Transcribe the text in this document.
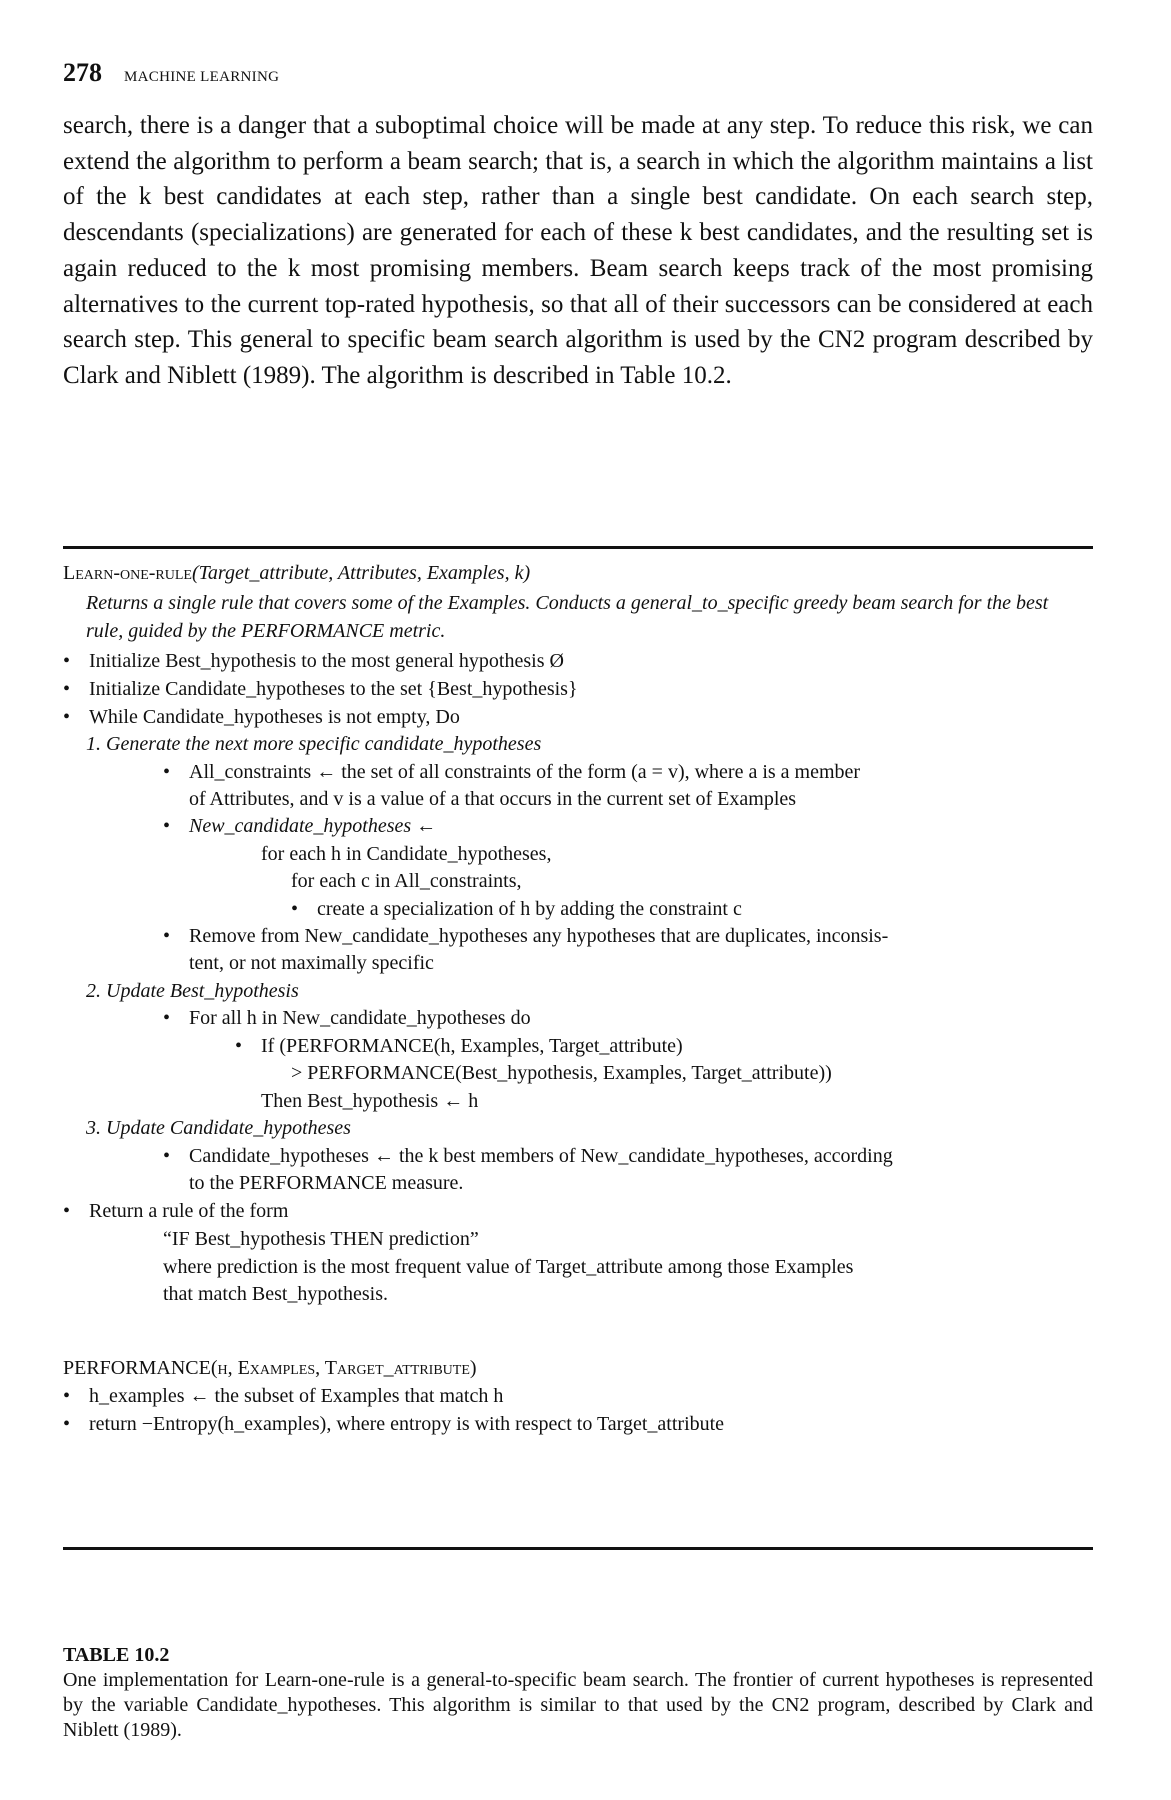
278 MACHINE LEARNING
search, there is a danger that a suboptimal choice will be made at any step. To reduce this risk, we can extend the algorithm to perform a beam search; that is, a search in which the algorithm maintains a list of the k best candidates at each step, rather than a single best candidate. On each search step, descendants (specializations) are generated for each of these k best candidates, and the resulting set is again reduced to the k most promising members. Beam search keeps track of the most promising alternatives to the current top-rated hypothesis, so that all of their successors can be considered at each search step. This general to specific beam search algorithm is used by the CN2 program described by Clark and Niblett (1989). The algorithm is described in Table 10.2.
Learn-one-rule(Target_attribute, Attributes, Examples, k)
Returns a single rule that covers some of the Examples. Conducts a general_to_specific greedy beam search for the best rule, guided by the PERFORMANCE metric.
• Initialize Best_hypothesis to the most general hypothesis Ø
• Initialize Candidate_hypotheses to the set {Best_hypothesis}
• While Candidate_hypotheses is not empty, Do
1. Generate the next more specific candidate_hypotheses
• All_constraints ← the set of all constraints of the form (a = v), where a is a member
of Attributes, and v is a value of a that occurs in the current set of Examples
• New_candidate_hypotheses ←
for each h in Candidate_hypotheses,
for each c in All_constraints,
• create a specialization of h by adding the constraint c
• Remove from New_candidate_hypotheses any hypotheses that are duplicates, inconsis-
tent, or not maximally specific
2. Update Best_hypothesis
• For all h in New_candidate_hypotheses do
• If (PERFORMANCE(h, Examples, Target_attribute)
> PERFORMANCE(Best_hypothesis, Examples, Target_attribute))
Then Best_hypothesis ← h
3. Update Candidate_hypotheses
• Candidate_hypotheses ← the k best members of New_candidate_hypotheses, according
to the PERFORMANCE measure.
• Return a rule of the form
“IF Best_hypothesis THEN prediction”
where prediction is the most frequent value of Target_attribute among those Examples
that match Best_hypothesis.
PERFORMANCE(h, Examples, Target_attribute)
• h_examples ← the subset of Examples that match h
• return −Entropy(h_examples), where entropy is with respect to Target_attribute
TABLE 10.2
One implementation for Learn-one-rule is a general-to-specific beam search. The frontier of current hypotheses is represented by the variable Candidate_hypotheses. This algorithm is similar to that used by the CN2 program, described by Clark and Niblett (1989).
